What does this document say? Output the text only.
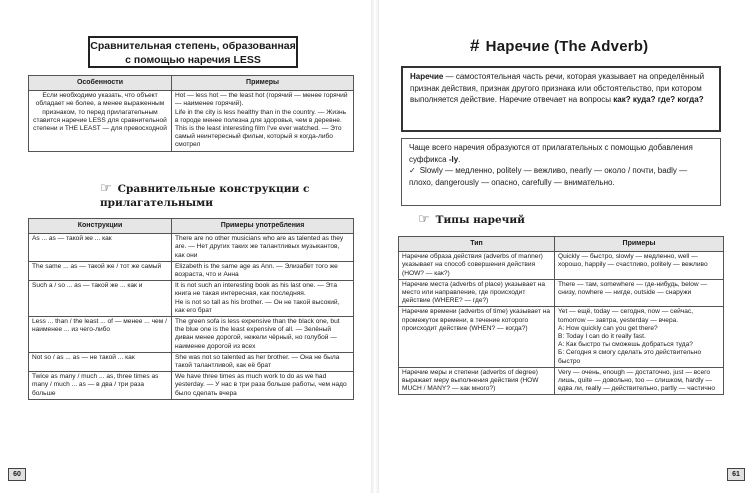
Сравнительная степень, образованная с помощью наречия LESS
Особенности	Примеры
Если необходимо указать, что объект обладает не более, а менее выраженным признаком, то перед прилагательным ставится наречие LESS для сравнительной степени и THE LEAST — для превосходной	Hot — less hot — the least hot (горячий — менее горячий — наименее горячий).
Life in the city is less healthy than in the country. — Жизнь в городе менее полезна для здоровья, чем в деревне.
This is the least interesting film I've ever watched. — Это самый неинтересный фильм, который я когда-либо смотрел
☞ Сравнительные конструкции с прилагательными
Конструкции	Примеры употребления
As ... as — такой же ... как	There are no other musicians who are as talented as they are. — Нет других таких же талантливых музыкантов, как они
The same ... as — такой же / тот же самый	Elizabeth is the same age as Ann. — Элизабет того же возраста, что и Анна
Such a / so ... as — такой же ... как и	It is not such an interesting book as his last one. — Эта книга не такая интересная, как последняя.
He is not so tall as his brother. — Он не такой высокий, как его брат
Less ... than / the least ... of — менее ... чем / наименее ... из чего-либо	The green sofa is less expensive than the black one, but the blue one is the least expensive of all. — Зелёный диван менее дорогой, нежели чёрный, но голубой — наименее дорогой из всех
Not so / as ... as — не такой ... как	She was not so talented as her brother. — Она не была такой талантливой, как её брат
Twice as many / much ... as, three times as many / much ... as — в два / три раза больше	We have three times as much work to do as we had yesterday. — У нас в три раза больше работы, чем надо было сделать вчера
60
# Наречие (The Adverb)
Наречие — самостоятельная часть речи, которая указывает на определённый признак действия, признак другого признака или обстоятельство, при котором выполняется действие. Наречие отвечает на вопросы как? куда? где? когда?
Чаще всего наречия образуются от прилагательных с помощью добавления суффикса -ly.
✓ Slowly — медленно, politely — вежливо, nearly — около / почти, badly — плохо, dangerously — опасно, carefully — внимательно.
☞ Типы наречий
Тип	Примеры
Наречие образа действия (adverbs of manner) указывает на способ совершения действия (HOW? — как?)	Quickly — быстро, slowly — медленно, well — хорошо, happily — счастливо, politely — вежливо
Наречие места (adverbs of place) указывает на место или направление, где происходит действие (WHERE? — где?)	There — там, somewhere — где-нибудь, below — снизу, nowhere — нигде, outside — снаружи
Наречие времени (adverbs of time) указывает на промежуток времени, в течение которого происходит действие (WHEN? — когда?)	Yet — ещё, today — сегодня, now — сейчас, tomorrow — завтра, yesterday — вчера.
A: How quickly can you get there?
B: Today I can do it really fast.
A: Как быстро ты сможешь добраться туда?
Б: Сегодня я смогу сделать это действительно быстро
Наречие меры и степени (adverbs of degree) выражает меру выполнения действия (HOW MUCH / MANY? — как много?)	Very — очень, enough — достаточно, just — всего лишь, quite — довольно, too — слишком, hardly — едва ли, really — действительно, partly — частично
61
